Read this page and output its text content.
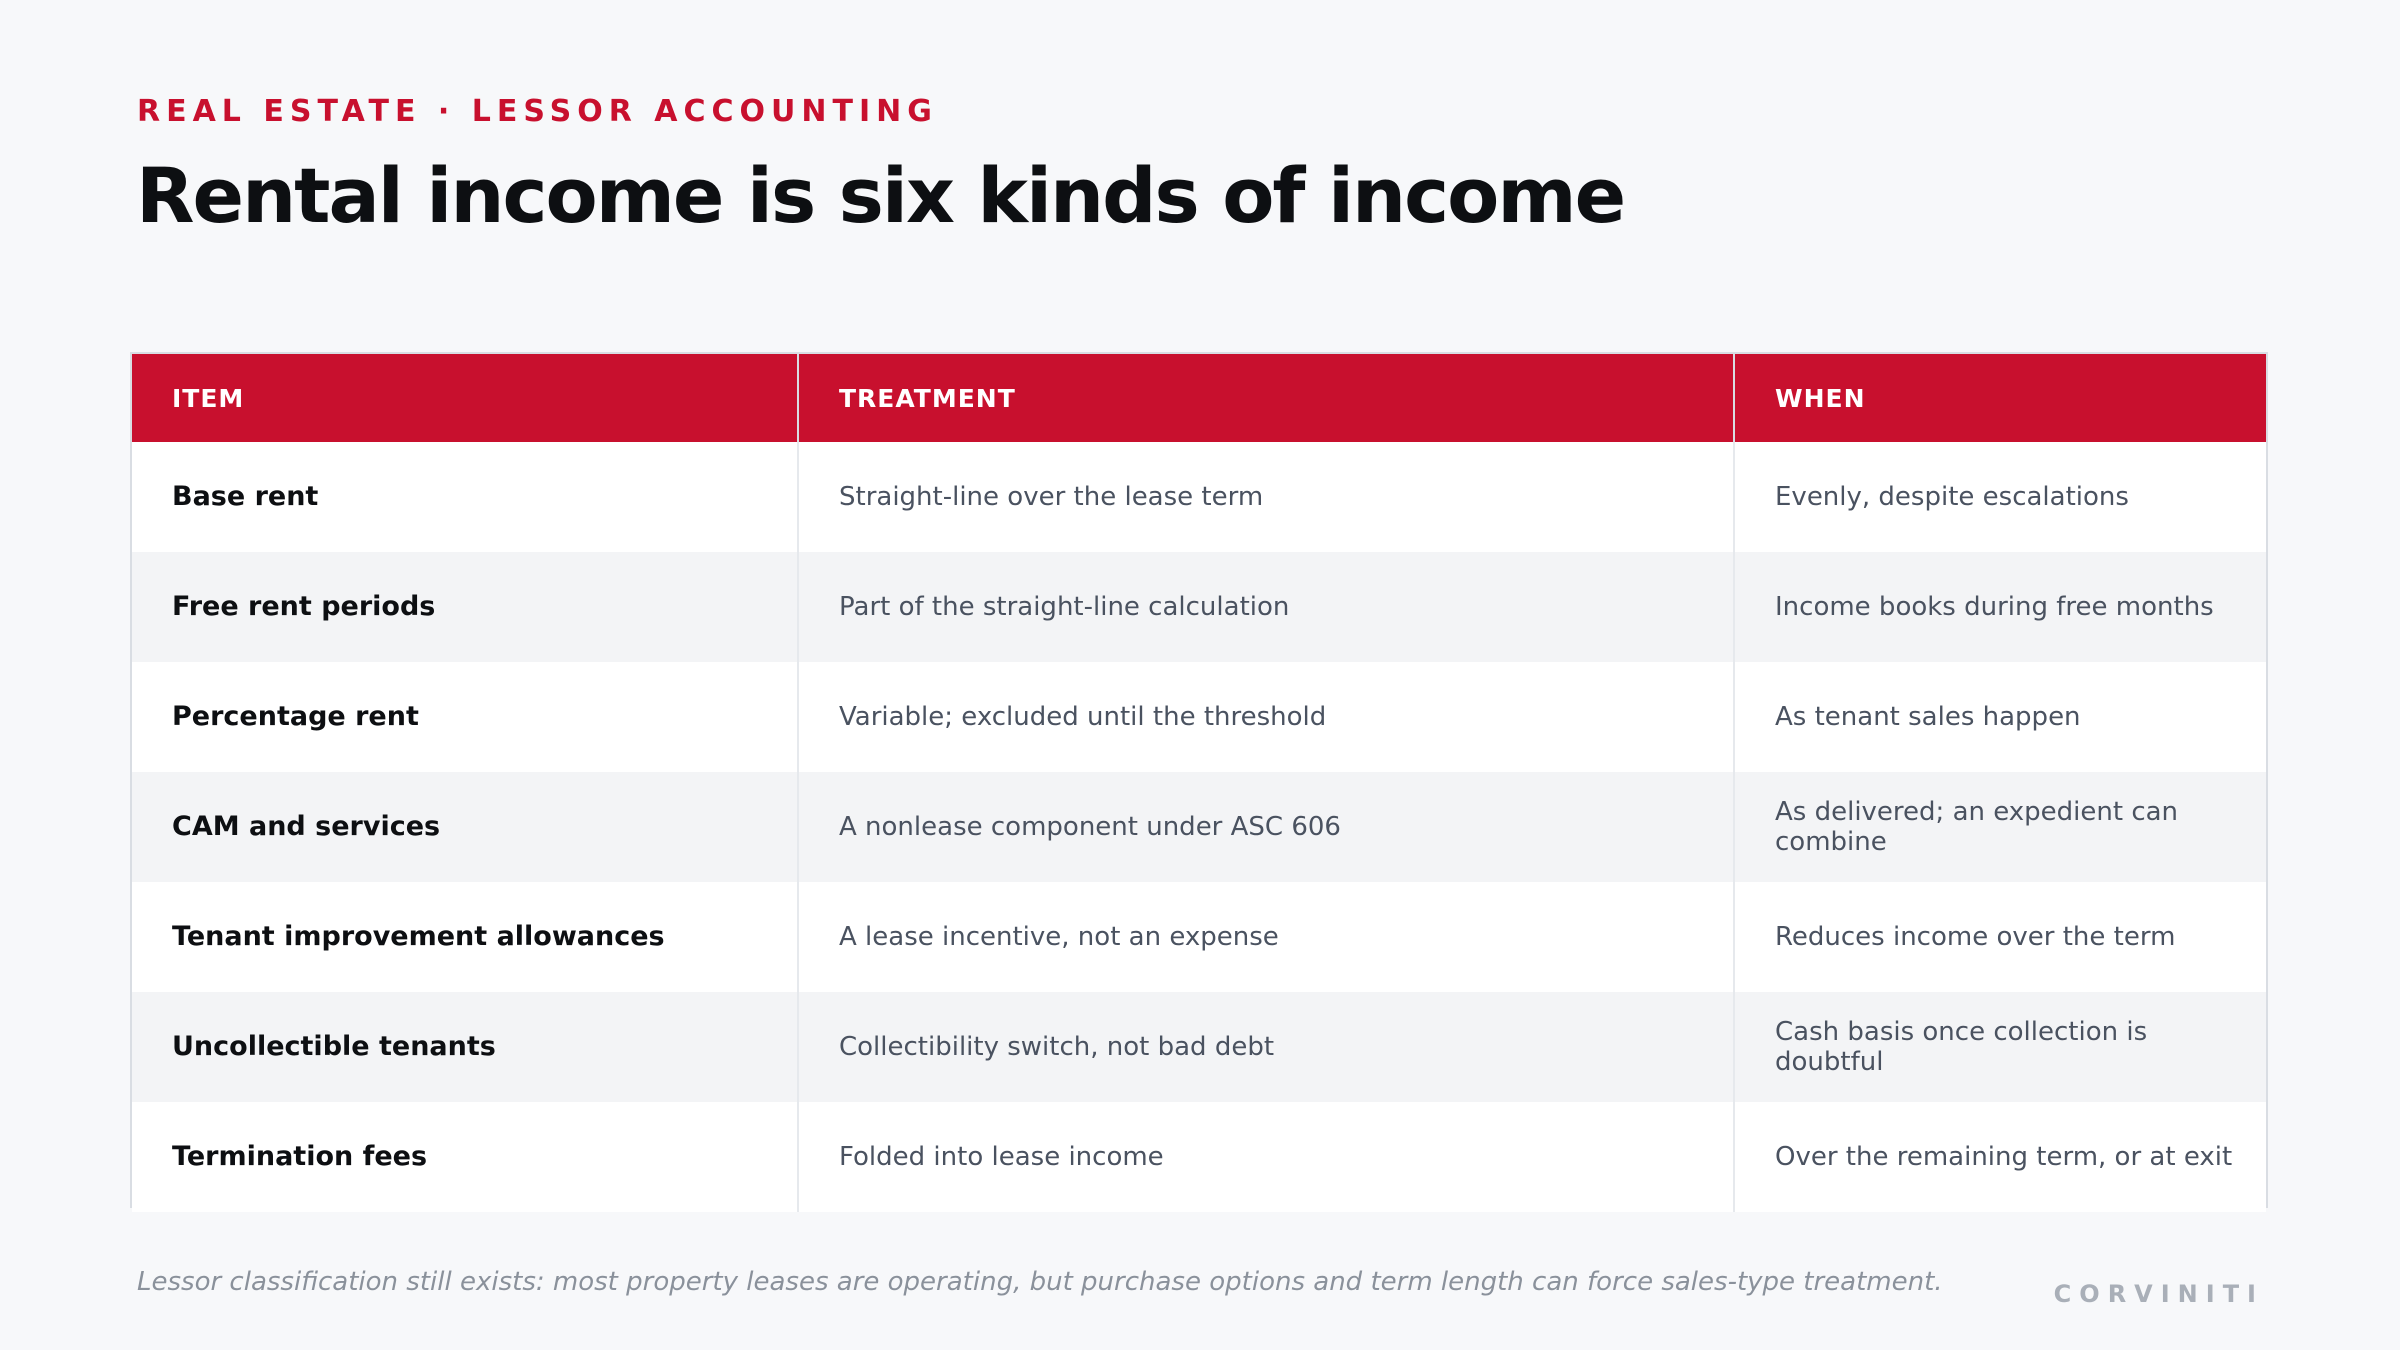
REAL ESTATE · LESSOR ACCOUNTING
Rental income is six kinds of income
ITEM	TREATMENT	WHEN
Base rent	Straight-line over the lease term	Evenly, despite escalations
Free rent periods	Part of the straight-line calculation	Income books during free months
Percentage rent	Variable; excluded until the threshold	As tenant sales happen
CAM and services	A nonlease component under ASC 606	As delivered; an expedient can combine
Tenant improvement allowances	A lease incentive, not an expense	Reduces income over the term
Uncollectible tenants	Collectibility switch, not bad debt	Cash basis once collection is doubtful
Termination fees	Folded into lease income	Over the remaining term, or at exit
Lessor classification still exists: most property leases are operating, but purchase options and term length can force sales-type treatment.	CORVINITI
